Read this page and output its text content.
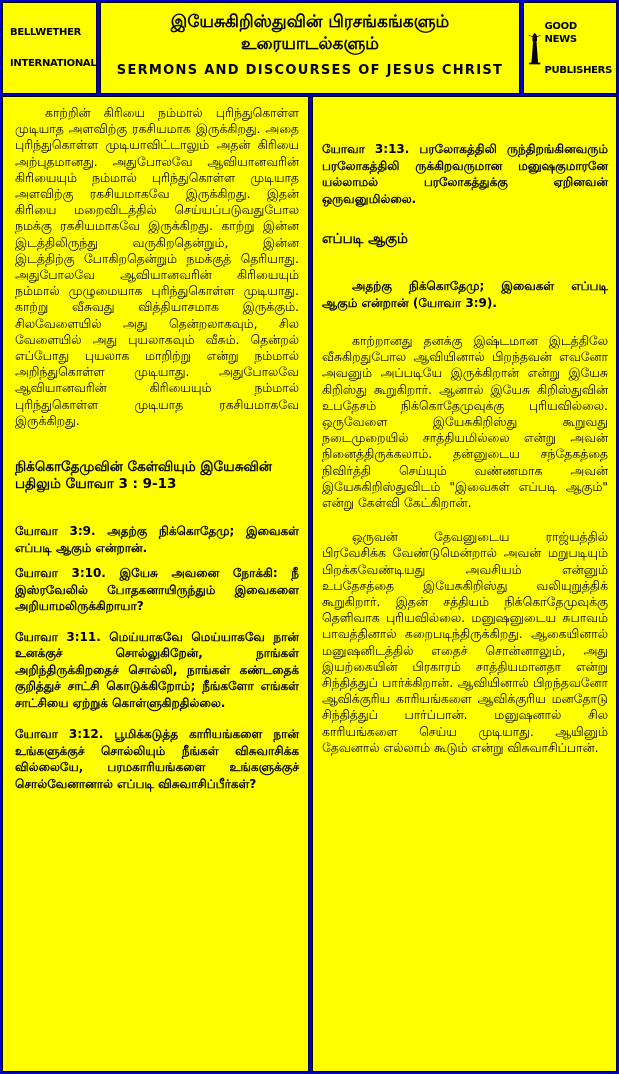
BELLWETHER
INTERNATIONAL
இயேசுகிறிஸ்துவின் பிரசங்கங்களும்
உரையாடல்களும்
SERMONS AND DISCOURSES OF JESUS CHRIST
GOOD NEWS
PUBLISHERS

காற்றின் கிரியை நம்மால் புரிந்துகொள்ள முடியாத அளவிற்கு ரகசியமாக இருக்கிறது. அதை புரிந்துகொள்ள முடியாவிட்டாலும் அதன் கிரியை அற்புதமானது. அதுபோலவே ஆவியானவரின் கிரியையும் நம்மால் புரிந்துகொள்ள முடியாத அளவிற்கு ரகசியமாகவே இருக்கிறது. இதன் கிரியை மறைவிடத்தில் செய்யப்படுவதுபோல நமக்கு ரகசியமாகவே இருக்கிறது. காற்று இன்ன இடத்திலிருந்து வருகிறதென்றும், இன்ன இடத்திற்கு போகிறதென்றும் நமக்குத் தெரியாது. அதுபோலவே ஆவியானவரின் கிரியையும் நம்மால் முழுமையாக புரிந்துகொள்ள முடியாது. காற்று வீசுவது வித்தியாசமாக இருக்கும். சிலவேளையில் அது தென்றலாகவும், சில வேளையில் அது புயலாகவும் வீசும். தென்றல் எப்போது புயலாக மாறிற்று என்று நம்மால் அறிந்துகொள்ள முடியாது. அதுபோலவே ஆவியானவரின் கிரியையும் நம்மால் புரிந்துகொள்ள முடியாத ரகசியமாகவே இருக்கிறது.

நிக்கொதேமுவின் கேள்வியும் இயேசுவின் பதிலும் யோவா 3 : 9-13

யோவா 3:9. அதற்கு நிக்கொதேமு; இவைகள் எப்படி ஆகும் என்றான்.

யோவா 3:10. இயேசு அவனை நோக்கி: நீ இஸ்ரவேலில் போதகனாயிருந்தும் இவைகளை அறியாமலிருக்கிறாயா?

யோவா 3:11. மெய்யாகவே மெய்யாகவே நான் உனக்குச் சொல்லுகிறேன், நாங்கள் அறிந்திருக்கிறதைச் சொல்லி, நாங்கள் கண்டதைக் குறித்துச் சாட்சி கொடுக்கிறோம்; நீங்களோ எங்கள் சாட்சியை ஏற்றுக் கொள்ளுகிறதில்லை.

யோவா 3:12. பூமிக்கடுத்த காரியங்களை நான் உங்களுக்குச் சொல்லியும் நீங்கள் விசுவாசிக்க வில்லையே, பரமகாரியங்களை உங்களுக்குச் சொல்வேனானால் எப்படி விசுவாசிப்பீர்கள்?

யோவா 3:13. பரலோகத்திலி ருந்திறங்கினவரும் பரலோகத்திலி ருக்கிறவருமான மனுஷகுமாரனே யல்லாமல் பரலோகத்துக்கு ஏறினவன் ஒருவனுமில்லை.

எப்படி ஆகும்

அதற்கு நிக்கொதேமு; இவைகள் எப்படி ஆகும் என்றான் (யோவா 3:9).

காற்றானது தனக்கு இஷ்டமான இடத்திலே வீசுகிறதுபோல ஆவியினால் பிறந்தவன் எவனோ அவனும் அப்படியே இருக்கிறான் என்று இயேசு கிறிஸ்து கூறுகிறார். ஆனால் இயேசு கிறிஸ்துவின் உபதேசம் நிக்கொதேமுவுக்கு புரியவில்லை. ஒருவேளை இயேசுகிறிஸ்து கூறுவது நடைமுறையில் சாத்தியமில்லை என்று அவன் நினைத்திருக்கலாம். தன்னுடைய சந்தேகத்தை நிவிர்த்தி செய்யும் வண்ணமாக அவன் இயேசுகிறிஸ்துவிடம் "இவைகள் எப்படி ஆகும்" என்று கேள்வி கேட்கிறான்.

ஒருவன் தேவனுடைய ராஜ்யத்தில் பிரவேசிக்க வேண்டுமென்றால் அவன் மறுபடியும் பிறக்கவேண்டியது அவசியம் என்னும் உபதேசத்தை இயேசுகிறிஸ்து வலியுறுத்திக் கூறுகிறார். இதன் சத்தியம் நிக்கொதேமுவுக்கு தெளிவாக புரியவில்லை. மனுஷனுடைய சுபாவம் பாவத்தினால் கறைபடிந்திருக்கிறது. ஆகையினால் மனுஷனிடத்தில் எதைச் சொன்னாலும், அது இயற்கையின் பிரகாரம் சாத்தியமானதா என்று சிந்தித்துப் பார்க்கிறான். ஆவியினால் பிறந்தவனோ ஆவிக்குரிய காரியங்களை ஆவிக்குரிய மனதோடு சிந்தித்துப் பார்ப்பான். மனுஷனால் சில காரியங்களை செய்ய முடியாது. ஆயினும் தேவனால் எல்லாம் கூடும் என்று விசுவாசிப்பான்.
